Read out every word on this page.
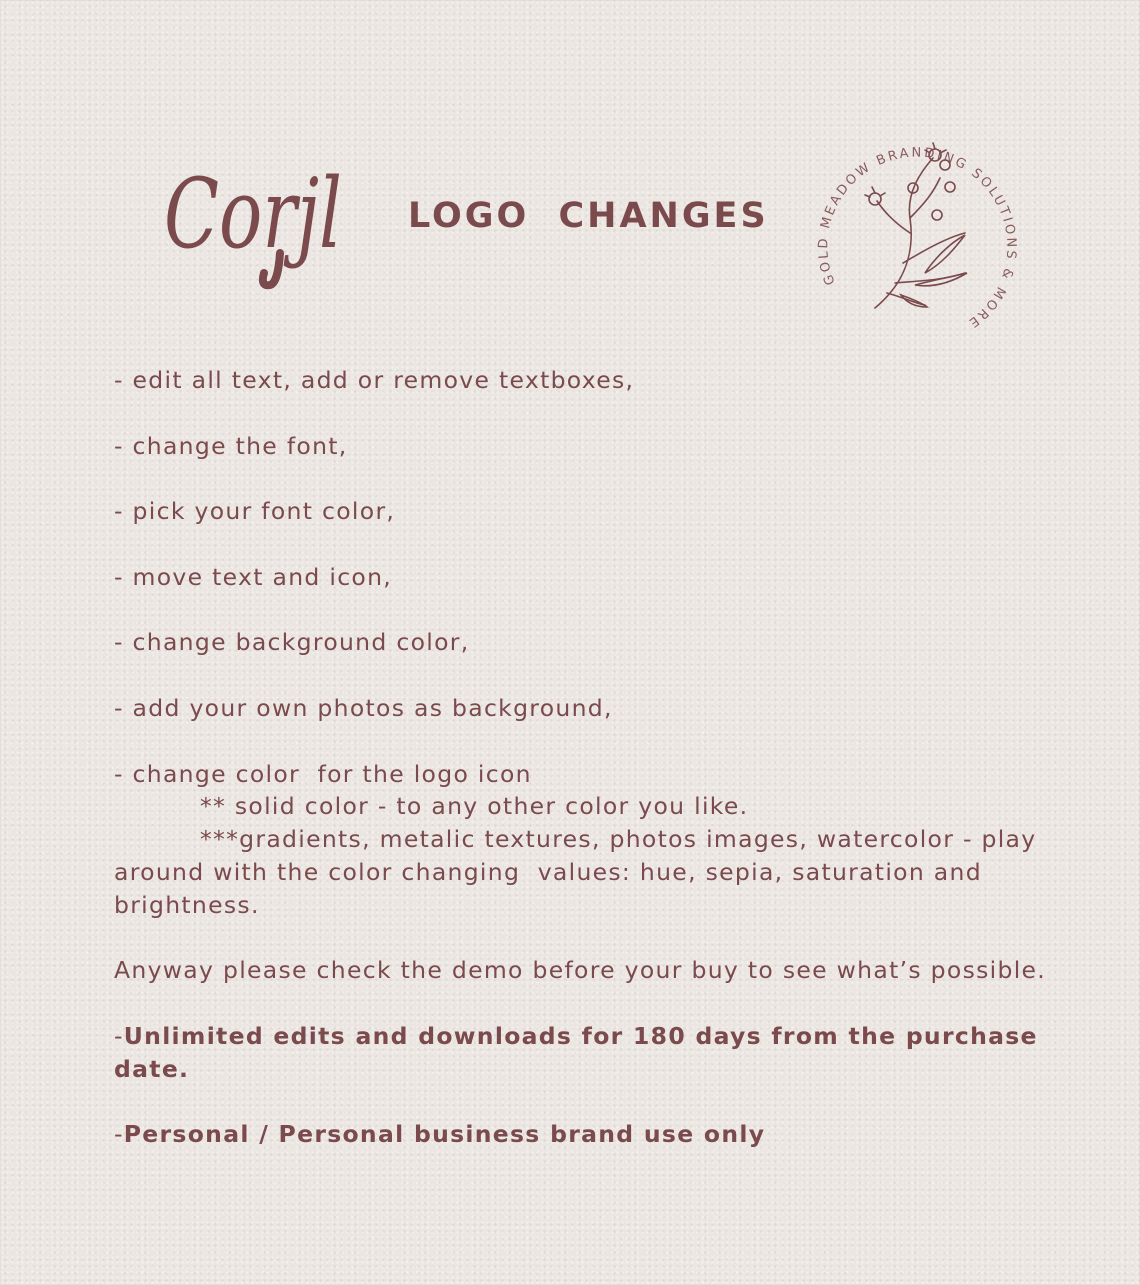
Corjl LOGO CHANGES
GOLD MEADOW BRANDING SOLUTIONS & MORE

- edit all text, add or remove textboxes,

- change the font,

- pick your font color,

- move text and icon,

- change background color,

- add your own photos as background,

- change color  for the logo icon

** solid color - to any other color you like.

***gradients, metalic textures, photos images, watercolor - play

around with the color changing  values: hue, sepia, saturation and brightness.

Anyway please check the demo before your buy to see what’s possible.

-Unlimited edits and downloads for 180 days from the purchase date.

-Personal / Personal business brand use only
